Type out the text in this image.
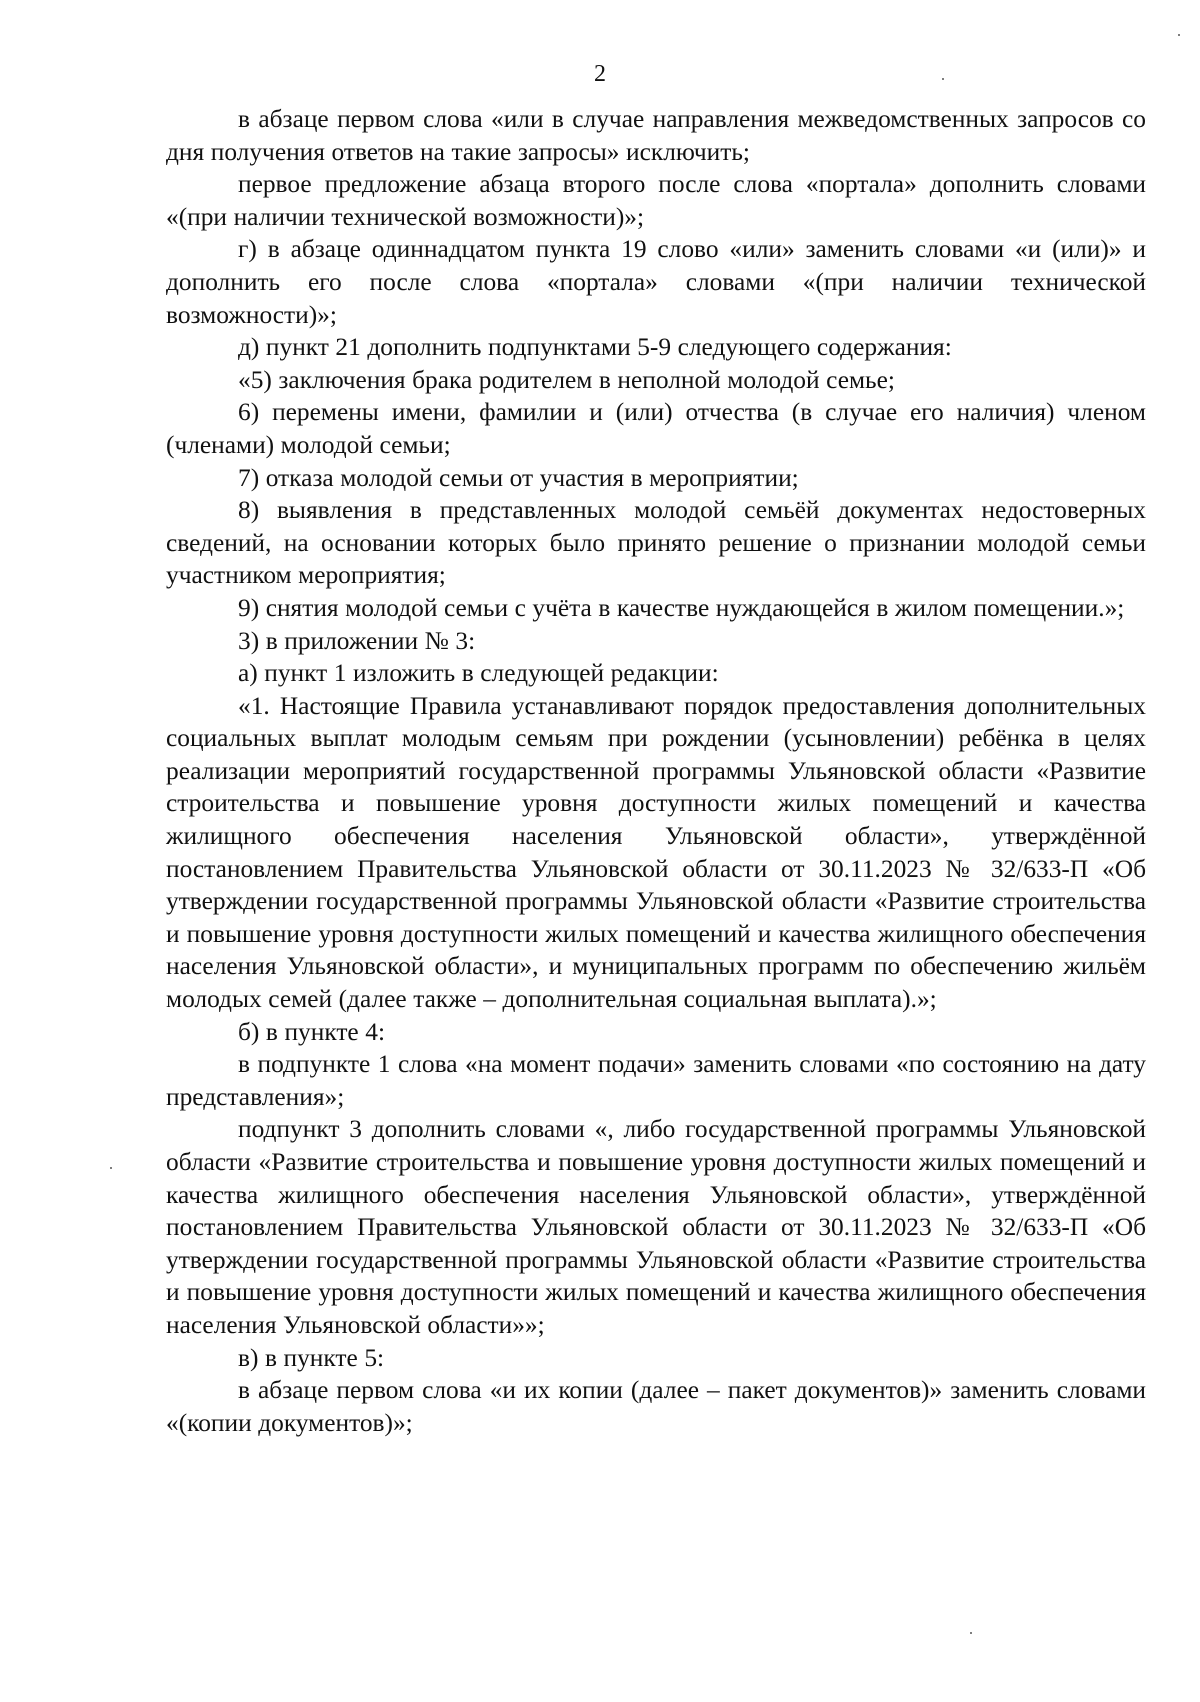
2

в абзаце первом слова «или в случае направления межведомственных запросов со дня получения ответов на такие запросы» исключить;

первое предложение абзаца второго после слова «портала» дополнить словами «(при наличии технической возможности)»;

г) в абзаце одиннадцатом пункта 19 слово «или» заменить словами «и (или)» и дополнить его после слова «портала» словами «(при наличии технической возможности)»;

д) пункт 21 дополнить подпунктами 5-9 следующего содержания:

«5) заключения брака родителем в неполной молодой семье;

6) перемены имени, фамилии и (или) отчества (в случае его наличия) членом (членами) молодой семьи;

7) отказа молодой семьи от участия в мероприятии;

8) выявления в представленных молодой семьёй документах недостоверных сведений, на основании которых было принято решение о признании молодой семьи участником мероприятия;

9) снятия молодой семьи с учёта в качестве нуждающейся в жилом помещении.»;

3) в приложении № 3:

а) пункт 1 изложить в следующей редакции:

«1. Настоящие Правила устанавливают порядок предоставления дополнительных социальных выплат молодым семьям при рождении (усыновлении) ребёнка в целях реализации мероприятий государственной программы Ульяновской области «Развитие строительства и повышение уровня доступности жилых помещений и качества жилищного обеспечения населения Ульяновской области», утверждённой постановлением Правительства Ульяновской области от 30.11.2023 № 32/633-П «Об утверждении государственной программы Ульяновской области «Развитие строительства и повышение уровня доступности жилых помещений и качества жилищного обеспечения населения Ульяновской области», и муниципальных программ по обеспечению жильём молодых семей (далее также – дополнительная социальная выплата).»;

б) в пункте 4:

в подпункте 1 слова «на момент подачи» заменить словами «по состоянию на дату представления»;

подпункт 3 дополнить словами «, либо государственной программы Ульяновской области «Развитие строительства и повышение уровня доступности жилых помещений и качества жилищного обеспечения населения Ульяновской области», утверждённой постановлением Правительства Ульяновской области от 30.11.2023 № 32/633-П «Об утверждении государственной программы Ульяновской области «Развитие строительства и повышение уровня доступности жилых помещений и качества жилищного обеспечения населения Ульяновской области»»;

в) в пункте 5:

в абзаце первом слова «и их копии (далее – пакет документов)» заменить словами «(копии документов)»;
